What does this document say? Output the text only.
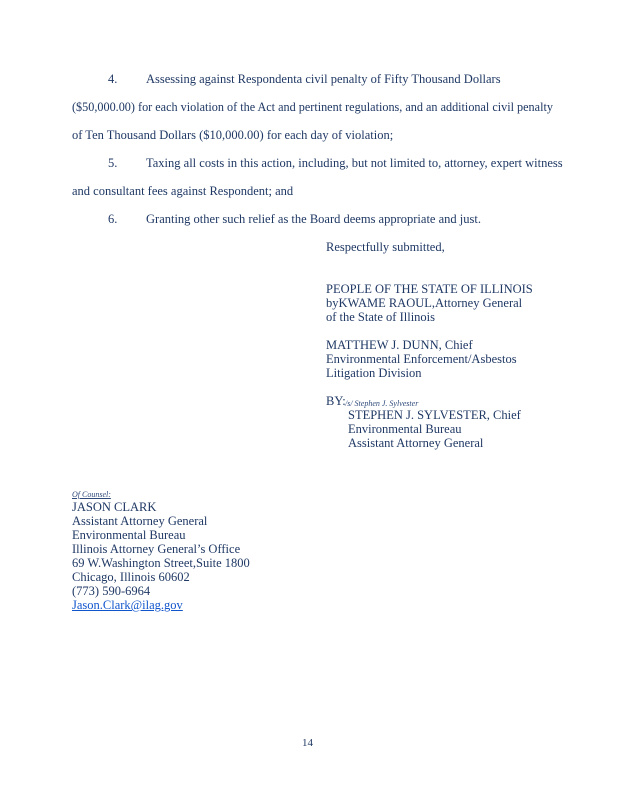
4. Assessing against Respondenta civil penalty of Fifty Thousand Dollars
($50,000.00) for each violation of the Act and pertinent regulations, and an additional civil penalty
of Ten Thousand Dollars ($10,000.00) for each day of violation;
5. Taxing all costs in this action, including, but not limited to, attorney, expert witness
and consultant fees against Respondent; and
6. Granting other such relief as the Board deems appropriate and just.
Respectfully submitted,
PEOPLE OF THE STATE OF ILLINOIS
byKWAME RAOUL,Attorney General
of the State of Illinois
MATTHEW J. DUNN, Chief
Environmental Enforcement/Asbestos
Litigation Division
BY: /s/ Stephen J. Sylvester
STEPHEN J. SYLVESTER, Chief
Environmental Bureau
Assistant Attorney General
Of Counsel:
JASON CLARK
Assistant Attorney General
Environmental Bureau
Illinois Attorney General’s Office
69 W.Washington Street,Suite 1800
Chicago, Illinois 60602
(773) 590-6964
Jason.Clark@ilag.gov
14
